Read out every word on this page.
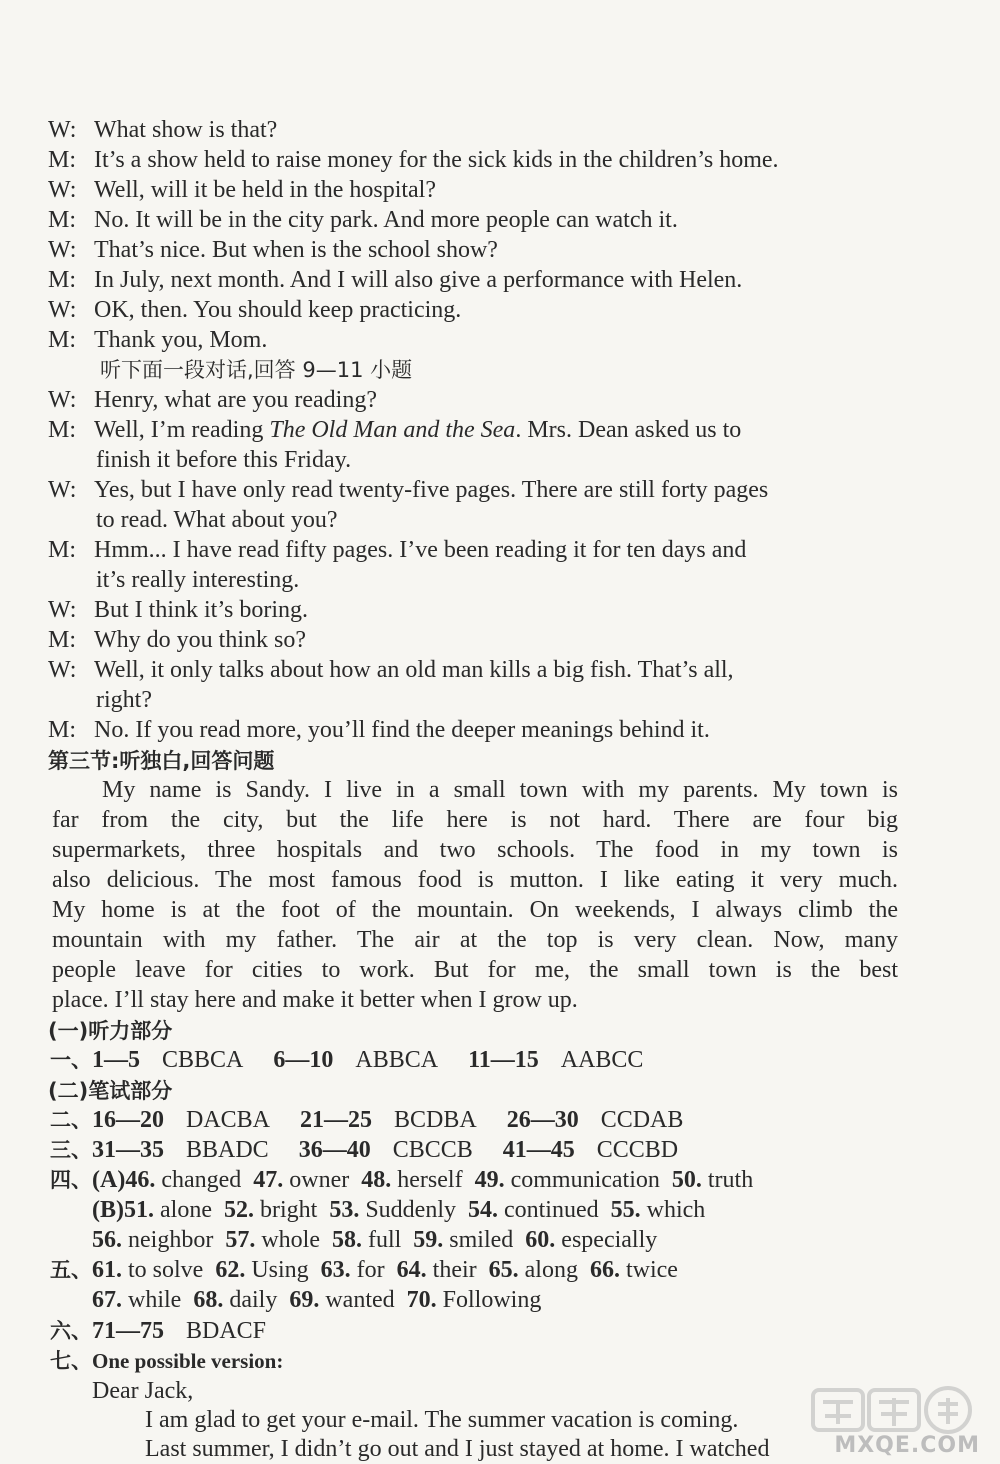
W: What show is that?
M: It’s a show held to raise money for the sick kids in the children’s home.
W: Well, will it be held in the hospital?
M: No. It will be in the city park. And more people can watch it.
W: That’s nice. But when is the school show?
M: In July, next month. And I will also give a performance with Helen.
W: OK, then. You should keep practicing.
M: Thank you, Mom.
听下面一段对话,回答 9—11 小题
W: Henry, what are you reading?
M: Well, I’m reading The Old Man and the Sea. Mrs. Dean asked us to
finish it before this Friday.
W: Yes, but I have only read twenty-five pages. There are still forty pages
to read. What about you?
M: Hmm... I have read fifty pages. I’ve been reading it for ten days and
it’s really interesting.
W: But I think it’s boring.
M: Why do you think so?
W: Well, it only talks about how an old man kills a big fish. That’s all,
right?
M: No. If you read more, you’ll find the deeper meanings behind it.
第三节:听独白,回答问题
My name is Sandy. I live in a small town with my parents. My town is
far from the city, but the life here is not hard. There are four big
supermarkets, three hospitals and two schools. The food in my town is
also delicious. The most famous food is mutton. I like eating it very much.
My home is at the foot of the mountain. On weekends, I always climb the
mountain with my father. The air at the top is very clean. Now, many
people leave for cities to work. But for me, the small town is the best
place. I’ll stay here and make it better when I grow up.
(一)听力部分
一、1—5 CBBCA 6—10 ABBCA 11—15 AABCC
(二)笔试部分
二、16—20 DACBA 21—25 BCDBA 26—30 CCDAB
三、31—35 BBADC 36—40 CBCCB 41—45 CCCBD
四、(A)46. changed 47. owner 48. herself 49. communication 50. truth
(B)51. alone 52. bright 53. Suddenly 54. continued 55. which
56. neighbor 57. whole 58. full 59. smiled 60. especially
五、61. to solve 62. Using 63. for 64. their 65. along 66. twice
67. while 68. daily 69. wanted 70. Following
六、71—75 BDACF
七、One possible version:
Dear Jack,
I am glad to get your e-mail. The summer vacation is coming.
Last summer, I didn’t go out and I just stayed at home. I watched	MXQE.COM
